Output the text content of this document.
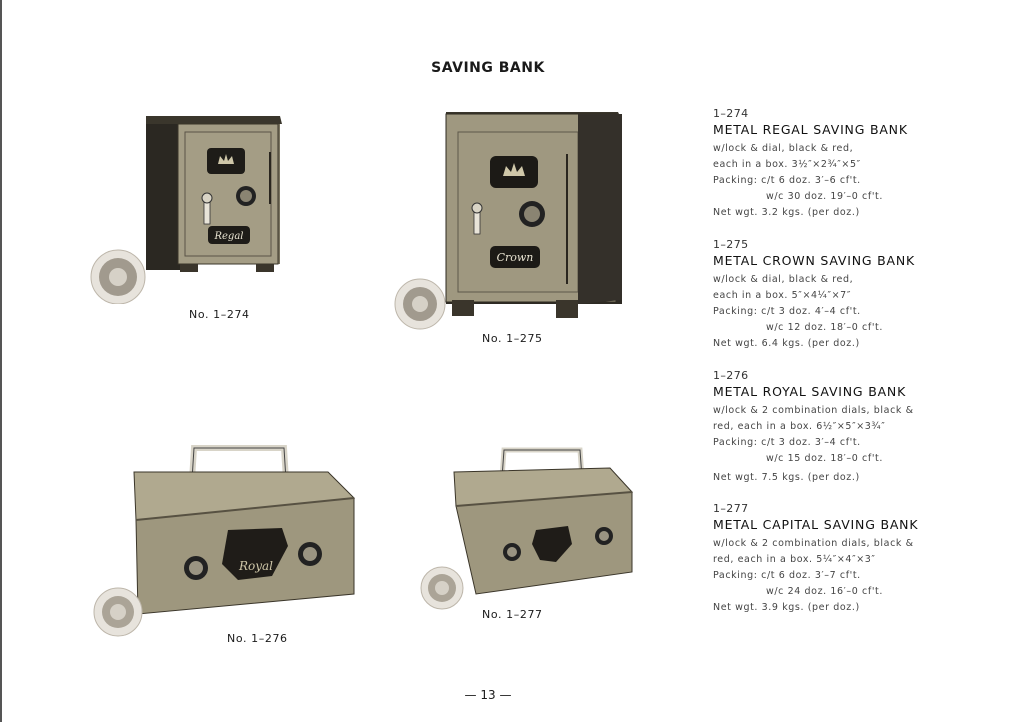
SAVING BANK
Regal
No. 1–274
Crown
No. 1–275
Royal
No. 1–276
No. 1–277
1–274
METAL REGAL SAVING BANK
w/lock & dial, black & red,
each in a box. 3½″×2¾″×5″
Packing: c/t 6 doz. 3′–6 cf't.
w/c 30 doz. 19′–0 cf't.
Net wgt. 3.2 kgs. (per doz.)
1–275
METAL CROWN SAVING BANK
w/lock & dial, black & red,
each in a box. 5″×4¼″×7″
Packing: c/t 3 doz. 4′–4 cf't.
w/c 12 doz. 18′–0 cf't.
Net wgt. 6.4 kgs. (per doz.)
1–276
METAL ROYAL SAVING BANK
w/lock & 2 combination dials, black &
red, each in a box. 6½″×5″×3¾″
Packing: c/t 3 doz. 3′–4 cf't.
w/c 15 doz. 18′–0 cf't.
Net wgt. 7.5 kgs. (per doz.)
1–277
METAL CAPITAL SAVING BANK
w/lock & 2 combination dials, black &
red, each in a box. 5¼″×4″×3″
Packing: c/t 6 doz. 3′–7 cf't.
w/c 24 doz. 16′–0 cf't.
Net wgt. 3.9 kgs. (per doz.)
— 13 —
